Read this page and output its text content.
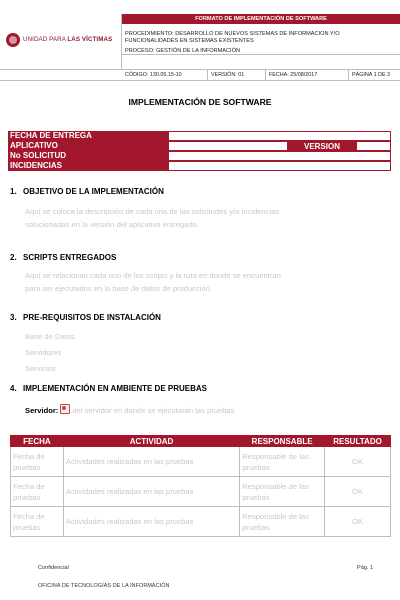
UNIDAD PARA LAS VÍCTIMAS
FORMATO DE IMPLEMENTACIÓN DE SOFTWARE
PROCEDIMIENTO: DESARROLLO DE NUEVOS SISTEMAS DE INFORMACIÓN Y/O
FUNCIONALIDADES EN SISTEMAS EXISTENTES
PROCESO: GESTIÓN DE LA INFORMACIÓN
CÓDIGO: 130.05.15-10	VERSIÓN: 01	FECHA: 25/08/2017	PÁGINA 1 DE 3
IMPLEMENTACIÓN DE SOFTWARE
FECHA DE ENTREGA
APLICATIVO	VERSION
No SOLICITUD
INCIDENCIAS
1. OBJETIVO DE LA IMPLEMENTACIÓN
Aquí se coloca la descripción de cada una de las solicitudes y/o incidencias
solucionadas en la versión del aplicativo entregado.
2. SCRIPTS ENTREGADOS
Aquí se relacionan cada uno de los scripts y la ruta en donde se encuentran
para ser ejecutados en la base de datos de producción.
3. PRE-REQUISITOS DE INSTALACIÓN
Base de Datos
Servidores
Servicios
4. IMPLEMENTACIÓN EN AMBIENTE DE PRUEBAS
Servidor: del servidor en donde se ejecutarán las pruebas
FECHA	ACTIVIDAD	RESPONSABLE	RESULTADO
Fecha de pruebas	Actividades realizadas en las pruebas	Responsable de las pruebas	OK
Fecha de pruebas	Actividades realizadas en las pruebas	Responsable de las pruebas	OK
Fecha de pruebas	Actividades realizadas en las pruebas	Responsable de las pruebas	OK
Confidencial	Pág. 1
OFICINA DE TECNOLOGÍAS DE LA INFORMACIÓN
